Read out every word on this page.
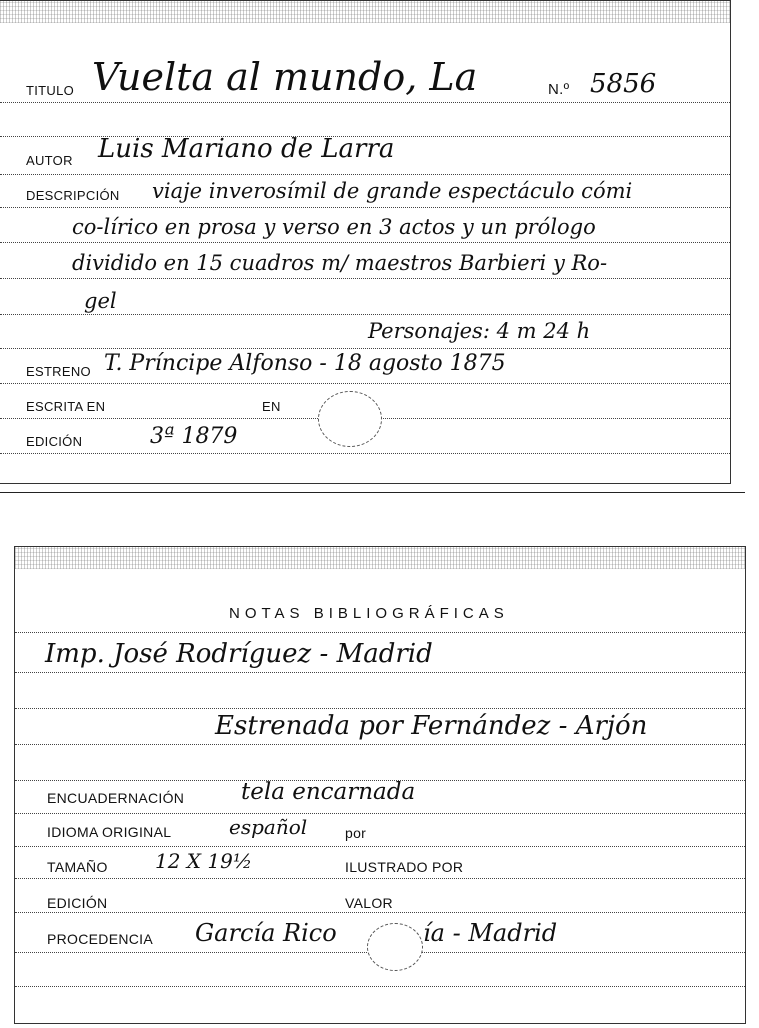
TITULO Vuelta al mundo, La	N.º 5856
AUTOR Luis Mariano de Larra
DESCRIPCIÓN viaje inverosímil de grande espectáculo cómi
co-lírico en prosa y verso en 3 actos y un prólogo
dividido en 15 cuadros m/ maestros Barbieri y Ro-
gel
Personajes: 4 m 24 h
ESTRENO T. Príncipe Alfonso - 18 agosto 1875
ESCRITA EN	EN
EDICIÓN	3ª 1879
NOTAS BIBLIOGRÁFICAS
Imp. José Rodríguez - Madrid
Estrenada por Fernández - Arjón
ENCUADERNACIÓN tela encarnada
IDIOMA ORIGINAL	español	por
TAMAÑO 12 X 19½	ILUSTRADO POR
EDICIÓN	VALOR
PROCEDENCIA García Rico	ía - Madrid
